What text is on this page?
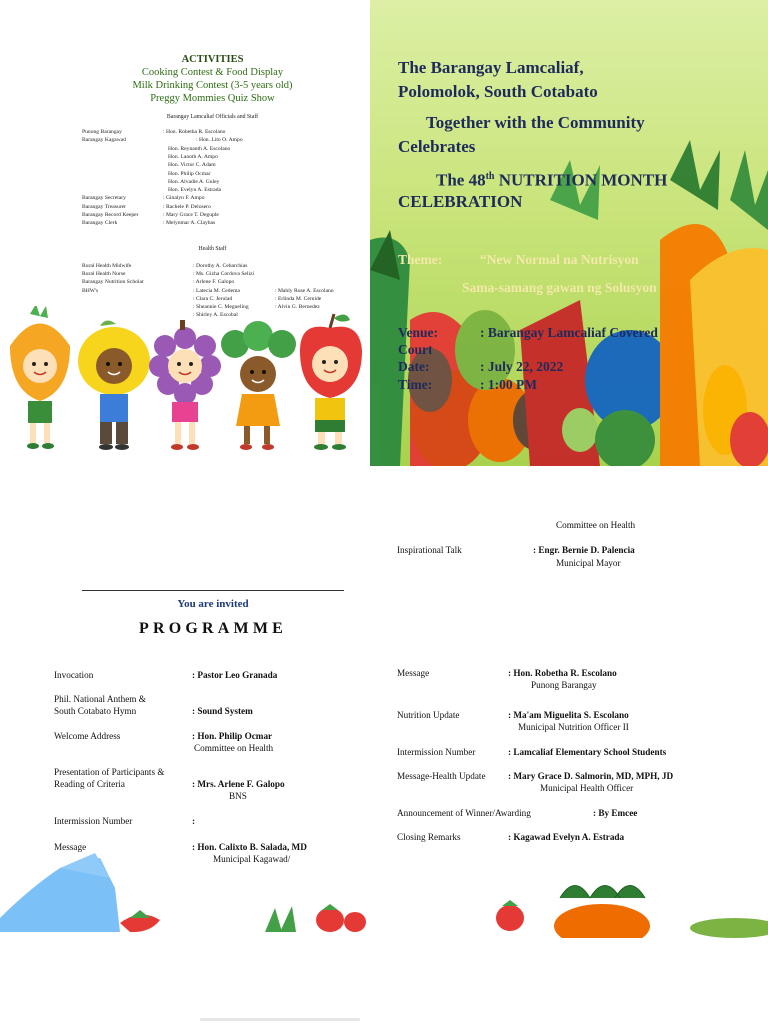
ACTIVITIES
Cooking Contest & Food Display
Milk Drinking Contest (3-5 years old)
Preggy Mommies Quiz Show
Barangay Lamcaliaf Officials and Staff
Health Staff
Punong Barangay	: Hon. Robetha R. Escolano
Barangay Kagawad	: Hon. Lito O. Ampo
Hon. Reynanth A. Escolano
Hon. Lanoth A. Ampo
Hon. Victor C. Adam
Hon. Philip Ocmar
Hon. Alvadie A. Guley
Hon. Evelyn A. Estrada
Barangay Secretary	: Ginalyn F. Ampo
Barangay Treasurer	: Rachele P. Delosero
Barangay Record Keeper	: Mary Grace T. Deguple
Barangay Clerk	: Melynmar A. Claybas
Rural Health Midwife	: Dorothy A. Cebarchias
Rural Health Nurse	: Ms. Gizha Cordova Selizi
Barangay Nutrition Scholar	: Arlene F. Galopo
BHW's	: Latecia M. Cedema	: Mahly Rose A. Escolano
: Clara C. Jerulad	: Erlinda M. Cernide
: Sheannie C. Megueling	: Alvin G. Bernedez
: Shirley A. Escobal
The Barangay Lamcaliaf,
Polomolok, South Cotabato
Together with the Community
Celebrates
The 48th NUTRITION MONTH
CELEBRATION
Theme:	“New Normal na Nutrisyon
Sama-samang gawan ng Solusyon
Venue:	: Barangay Lamcaliaf Covered
Court
Date:	: July 22, 2022
Time:	: 1:00 PM
You are invited
PROGRAMME
Committee on Health
Inspirational Talk	: Engr. Bernie D. Palencia
Municipal Mayor
Invocation	: Pastor Leo Granada
Phil. National Anthem &
South Cotabato Hymn	: Sound System
Welcome Address	: Hon. Philip Ocmar
Committee on Health
Presentation of Participants &
Reading of Criteria	: Mrs. Arlene F. Galopo
BNS
Intermission Number	:
Message	: Hon. Calixto B. Salada, MD
Municipal Kagawad/
Message	: Hon. Robetha R. Escolano
Punong Barangay
Nutrition Update	: Ma'am Miguelita S. Escolano
Municipal Nutrition Officer II
Intermission Number	: Lamcaliaf Elementary School Students
Message-Health Update : Mary Grace D. Salmorin, MD, MPH, JD
Municipal Health Officer
Announcement of Winner/Awarding	: By Emcee
Closing Remarks	: Kagawad Evelyn A. Estrada
